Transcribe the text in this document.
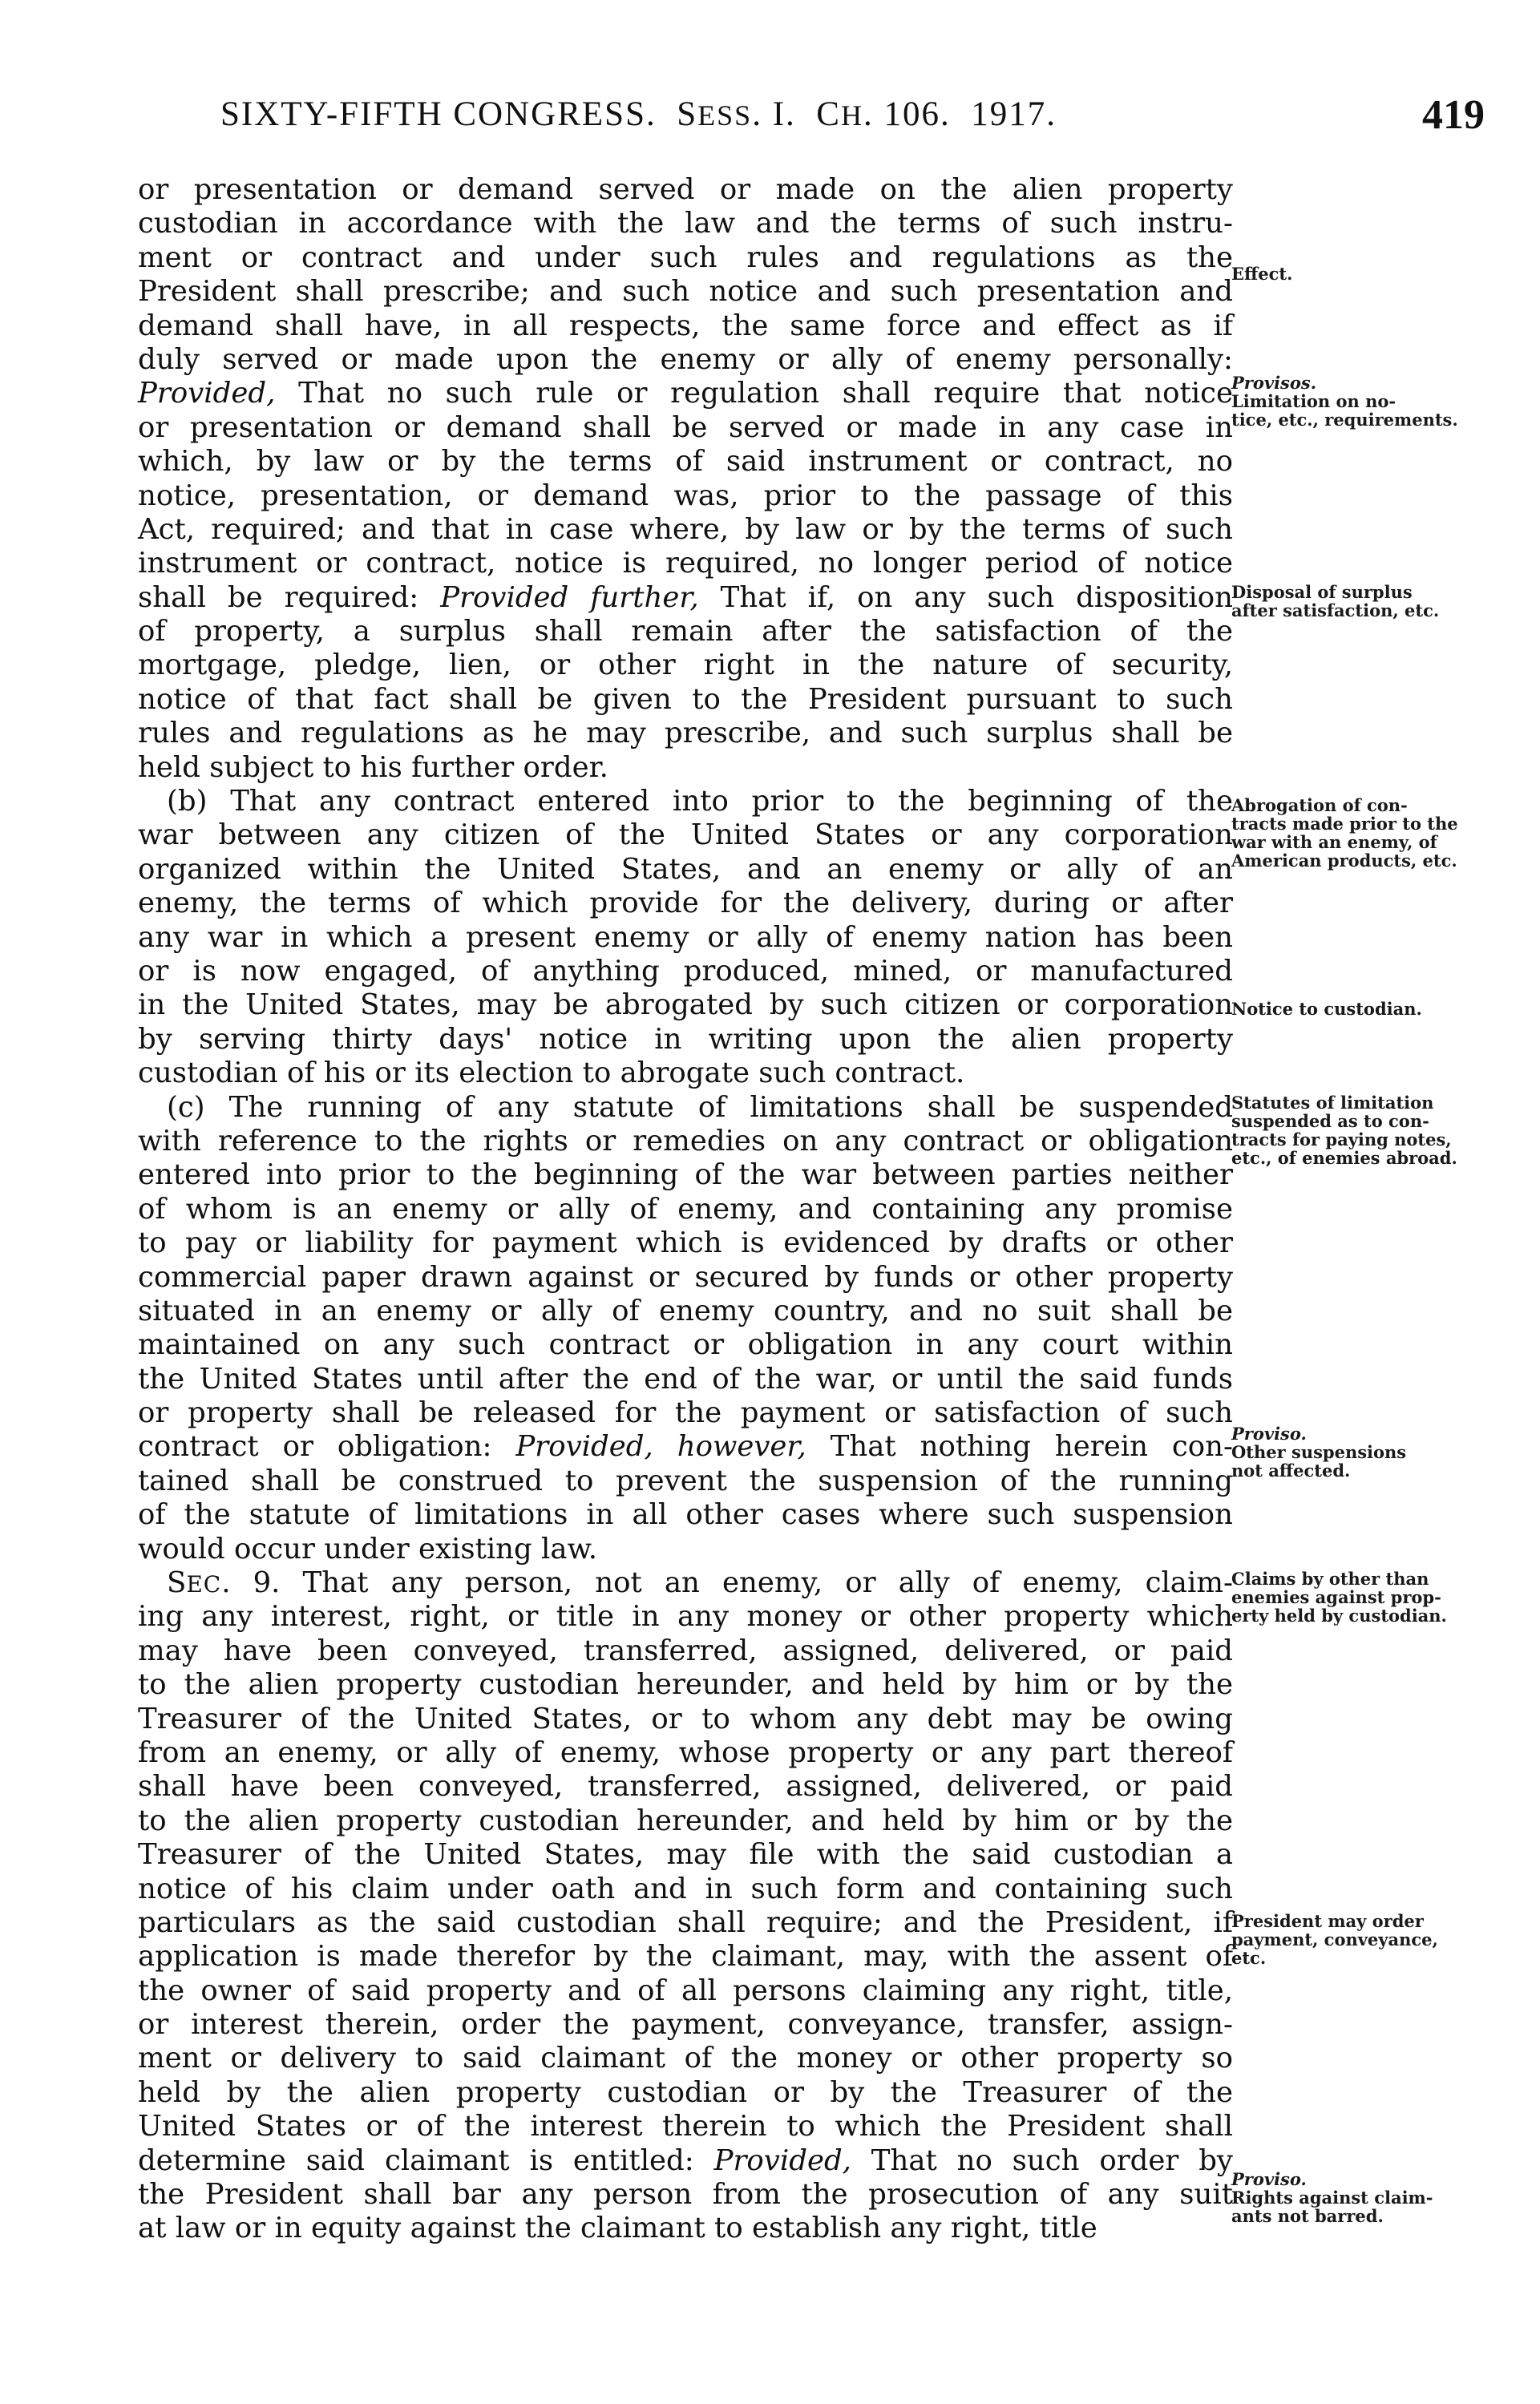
SIXTY-FIFTH CONGRESS. SESS. I. CH. 106. 1917.	419
or presentation or demand served or made on the alien property
custodian in accordance with the law and the terms of such instru-
ment or contract and under such rules and regulations as the
President shall prescribe; and such notice and such presentation and
demand shall have, in all respects, the same force and effect as if
duly served or made upon the enemy or ally of enemy personally:
Provided, That no such rule or regulation shall require that notice
or presentation or demand shall be served or made in any case in
which, by law or by the terms of said instrument or contract, no
notice, presentation, or demand was, prior to the passage of this
Act, required; and that in case where, by law or by the terms of such
instrument or contract, notice is required, no longer period of notice
shall be required: Provided further, That if, on any such disposition
of property, a surplus shall remain after the satisfaction of the
mortgage, pledge, lien, or other right in the nature of security,
notice of that fact shall be given to the President pursuant to such
rules and regulations as he may prescribe, and such surplus shall be
held subject to his further order.
(b) That any contract entered into prior to the beginning of the
war between any citizen of the United States or any corporation
organized within the United States, and an enemy or ally of an
enemy, the terms of which provide for the delivery, during or after
any war in which a present enemy or ally of enemy nation has been
or is now engaged, of anything produced, mined, or manufactured
in the United States, may be abrogated by such citizen or corporation
by serving thirty days' notice in writing upon the alien property
custodian of his or its election to abrogate such contract.
(c) The running of any statute of limitations shall be suspended
with reference to the rights or remedies on any contract or obligation
entered into prior to the beginning of the war between parties neither
of whom is an enemy or ally of enemy, and containing any promise
to pay or liability for payment which is evidenced by drafts or other
commercial paper drawn against or secured by funds or other property
situated in an enemy or ally of enemy country, and no suit shall be
maintained on any such contract or obligation in any court within
the United States until after the end of the war, or until the said funds
or property shall be released for the payment or satisfaction of such
contract or obligation: Provided, however, That nothing herein con-
tained shall be construed to prevent the suspension of the running
of the statute of limitations in all other cases where such suspension
would occur under existing law.
SEC. 9. That any person, not an enemy, or ally of enemy, claim-
ing any interest, right, or title in any money or other property which
may have been conveyed, transferred, assigned, delivered, or paid
to the alien property custodian hereunder, and held by him or by the
Treasurer of the United States, or to whom any debt may be owing
from an enemy, or ally of enemy, whose property or any part thereof
shall have been conveyed, transferred, assigned, delivered, or paid
to the alien property custodian hereunder, and held by him or by the
Treasurer of the United States, may file with the said custodian a
notice of his claim under oath and in such form and containing such
particulars as the said custodian shall require; and the President, if
application is made therefor by the claimant, may, with the assent of
the owner of said property and of all persons claiming any right, title,
or interest therein, order the payment, conveyance, transfer, assign-
ment or delivery to said claimant of the money or other property so
held by the alien property custodian or by the Treasurer of the
United States or of the interest therein to which the President shall
determine said claimant is entitled: Provided, That no such order by
the President shall bar any person from the prosecution of any suit
at law or in equity against the claimant to establish any right, title
Effect.
Provisos.
Limitation on no-
tice, etc., requirements.
Disposal of surplus
after satisfaction, etc.
Abrogation of con-
tracts made prior to the
war with an enemy, of
American products, etc.
Notice to custodian.
Statutes of limitation
suspended as to con-
tracts for paying notes,
etc., of enemies abroad.
Proviso.
Other suspensions
not affected.
Claims by other than
enemies against prop-
erty held by custodian.
President may order
payment, conveyance,
etc.
Proviso.
Rights against claim-
ants not barred.
